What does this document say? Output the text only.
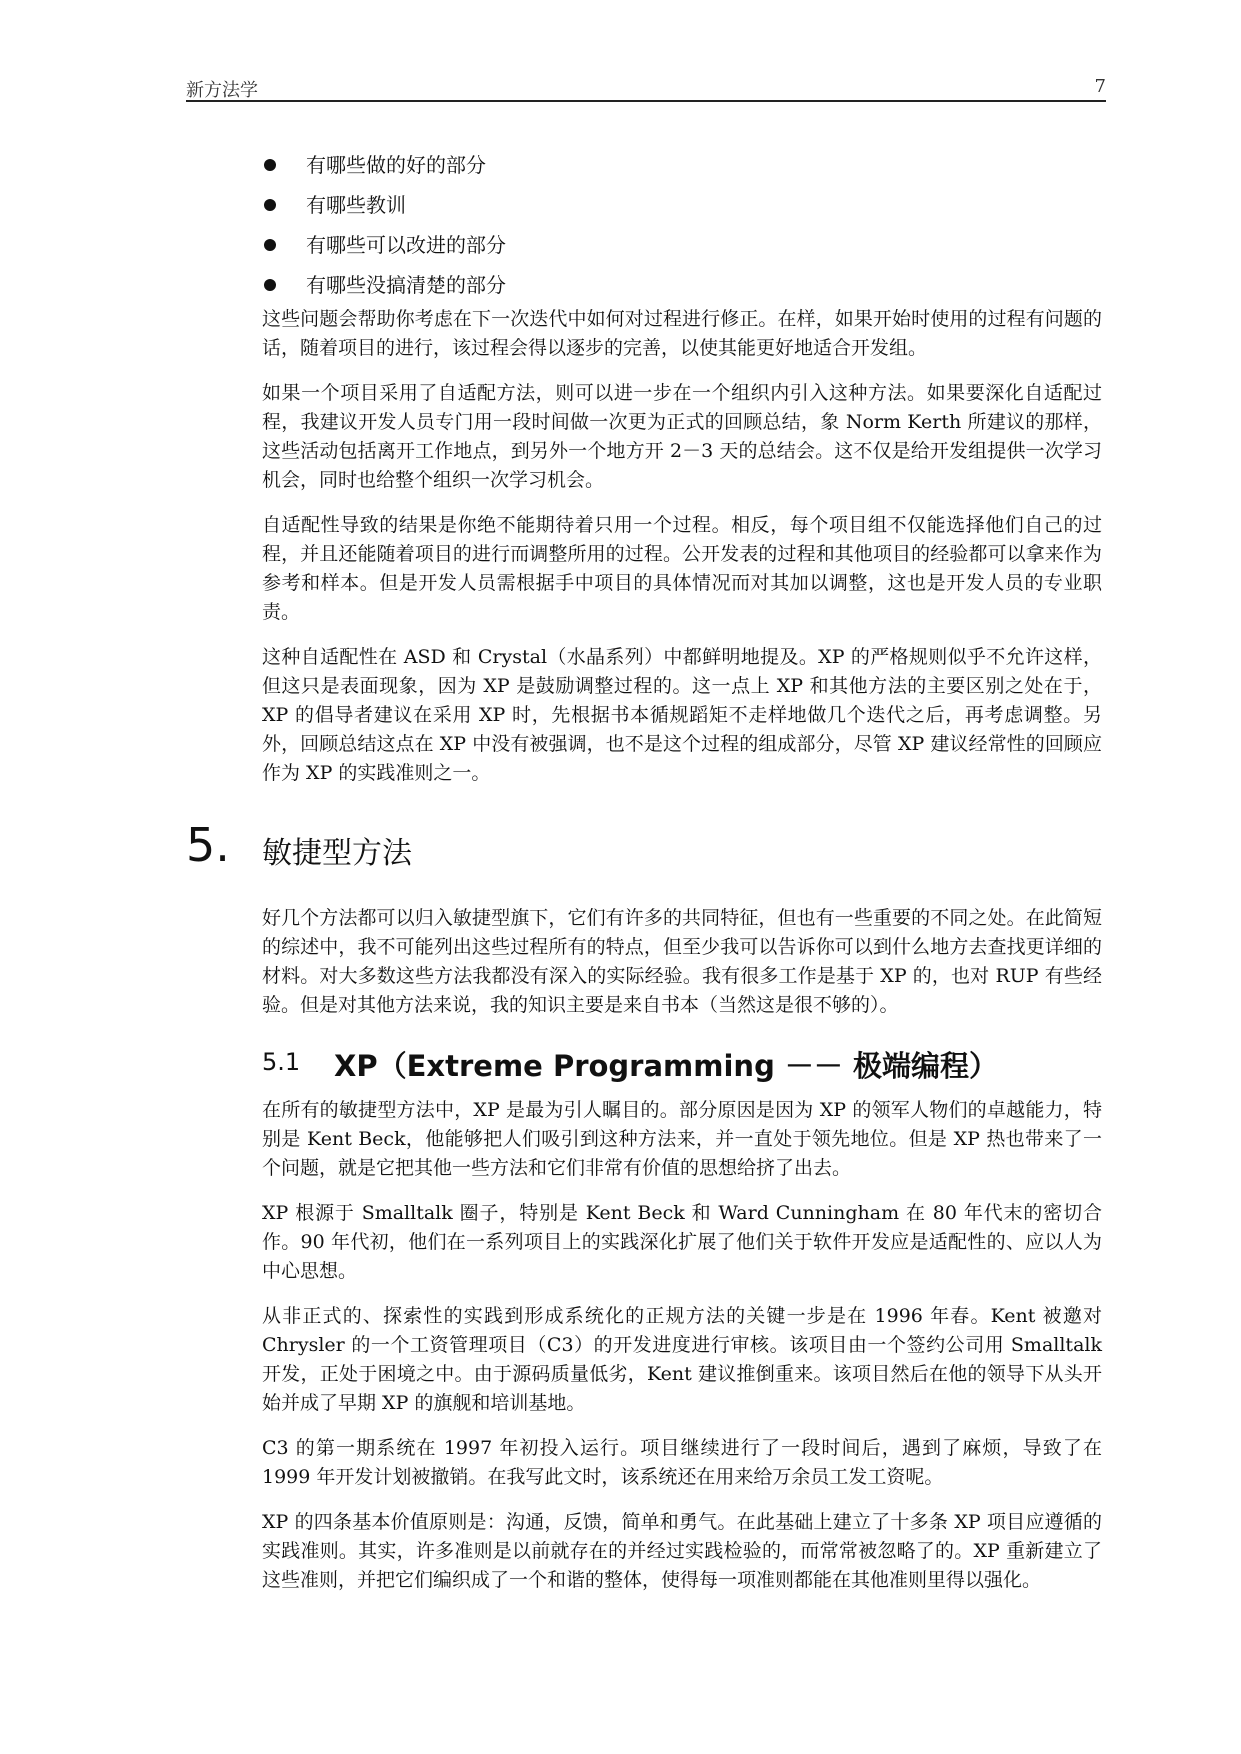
新方法学	7
有哪些做的好的部分
有哪些教训
有哪些可以改进的部分
有哪些没搞清楚的部分

这些问题会帮助你考虑在下一次迭代中如何对过程进行修正。在样，如果开始时使用的过程有问题的话，随着项目的进行，该过程会得以逐步的完善，以使其能更好地适合开发组。

如果一个项目采用了自适配方法，则可以进一步在一个组织内引入这种方法。如果要深化自适配过程，我建议开发人员专门用一段时间做一次更为正式的回顾总结，象 Norm Kerth 所建议的那样，这些活动包括离开工作地点，到另外一个地方开 2－3 天的总结会。这不仅是给开发组提供一次学习机会，同时也给整个组织一次学习机会。

自适配性导致的结果是你绝不能期待着只用一个过程。相反，每个项目组不仅能选择他们自己的过程，并且还能随着项目的进行而调整所用的过程。公开发表的过程和其他项目的经验都可以拿来作为参考和样本。但是开发人员需根据手中项目的具体情况而对其加以调整，这也是开发人员的专业职责。

这种自适配性在 ASD 和 Crystal（水晶系列）中都鲜明地提及。XP 的严格规则似乎不允许这样，但这只是表面现象，因为 XP 是鼓励调整过程的。这一点上 XP 和其他方法的主要区别之处在于，XP 的倡导者建议在采用 XP 时，先根据书本循规蹈矩不走样地做几个迭代之后，再考虑调整。另外，回顾总结这点在 XP 中没有被强调，也不是这个过程的组成部分，尽管 XP 建议经常性的回顾应作为 XP 的实践准则之一。

5. 敏捷型方法

好几个方法都可以归入敏捷型旗下，它们有许多的共同特征，但也有一些重要的不同之处。在此简短的综述中，我不可能列出这些过程所有的特点，但至少我可以告诉你可以到什么地方去查找更详细的材料。对大多数这些方法我都没有深入的实际经验。我有很多工作是基于 XP 的，也对 RUP 有些经验。但是对其他方法来说，我的知识主要是来自书本（当然这是很不够的）。

5.1 XP（Extreme Programming －－ 极端编程）

在所有的敏捷型方法中，XP 是最为引人瞩目的。部分原因是因为 XP 的领军人物们的卓越能力，特别是 Kent Beck，他能够把人们吸引到这种方法来，并一直处于领先地位。但是 XP 热也带来了一个问题，就是它把其他一些方法和它们非常有价值的思想给挤了出去。

XP 根源于 Smalltalk 圈子，特别是 Kent Beck 和 Ward Cunningham 在 80 年代末的密切合作。90 年代初，他们在一系列项目上的实践深化扩展了他们关于软件开发应是适配性的、应以人为中心思想。

从非正式的、探索性的实践到形成系统化的正规方法的关键一步是在 1996 年春。Kent 被邀对 Chrysler 的一个工资管理项目（C3）的开发进度进行审核。该项目由一个签约公司用 Smalltalk 开发，正处于困境之中。由于源码质量低劣，Kent 建议推倒重来。该项目然后在他的领导下从头开始并成了早期 XP 的旗舰和培训基地。

C3 的第一期系统在 1997 年初投入运行。项目继续进行了一段时间后，遇到了麻烦，导致了在 1999 年开发计划被撤销。在我写此文时，该系统还在用来给万余员工发工资呢。

XP 的四条基本价值原则是：沟通，反馈，简单和勇气。在此基础上建立了十多条 XP 项目应遵循的实践准则。其实，许多准则是以前就存在的并经过实践检验的，而常常被忽略了的。XP 重新建立了这些准则，并把它们编织成了一个和谐的整体，使得每一项准则都能在其他准则里得以强化。
